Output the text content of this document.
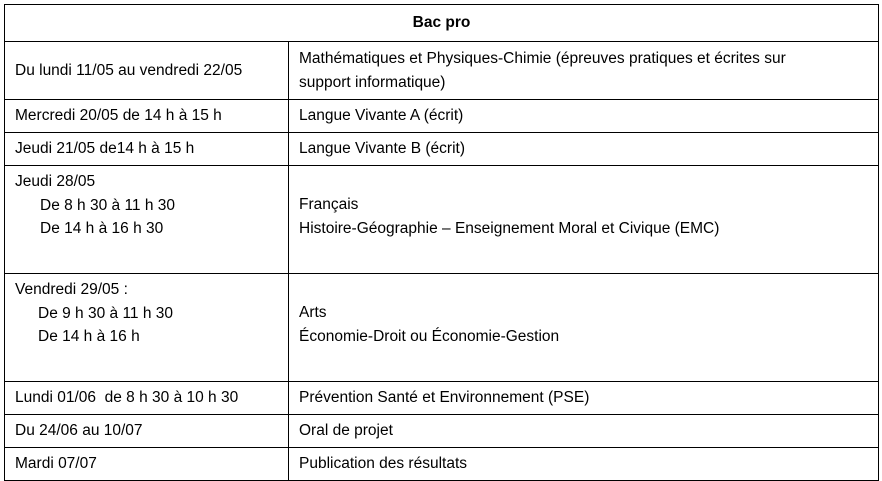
Bac pro	

Du lundi 11/05 au vendredi 22/05	Mathématiques et Physiques-Chimie (épreuves pratiques et écrites sur
support informatique)

Mercredi 20/05 de 14 h à 15 h	Langue Vivante A (écrit)

Jeudi 21/05 de14 h à 15 h	Langue Vivante B (écrit)

Jeudi 28/05
De 8 h 30 à 11 h 30
De 14 h à 16 h 30	Français
Histoire-Géographie – Enseignement Moral et Civique (EMC)

Vendredi 29/05 :
De 9 h 30 à 11 h 30
De 14 h à 16 h	Arts
Économie-Droit ou Économie-Gestion

Lundi 01/06  de 8 h 30 à 10 h 30	Prévention Santé et Environnement (PSE)

Du 24/06 au 10/07	Oral de projet

Mardi 07/07	Publication des résultats
